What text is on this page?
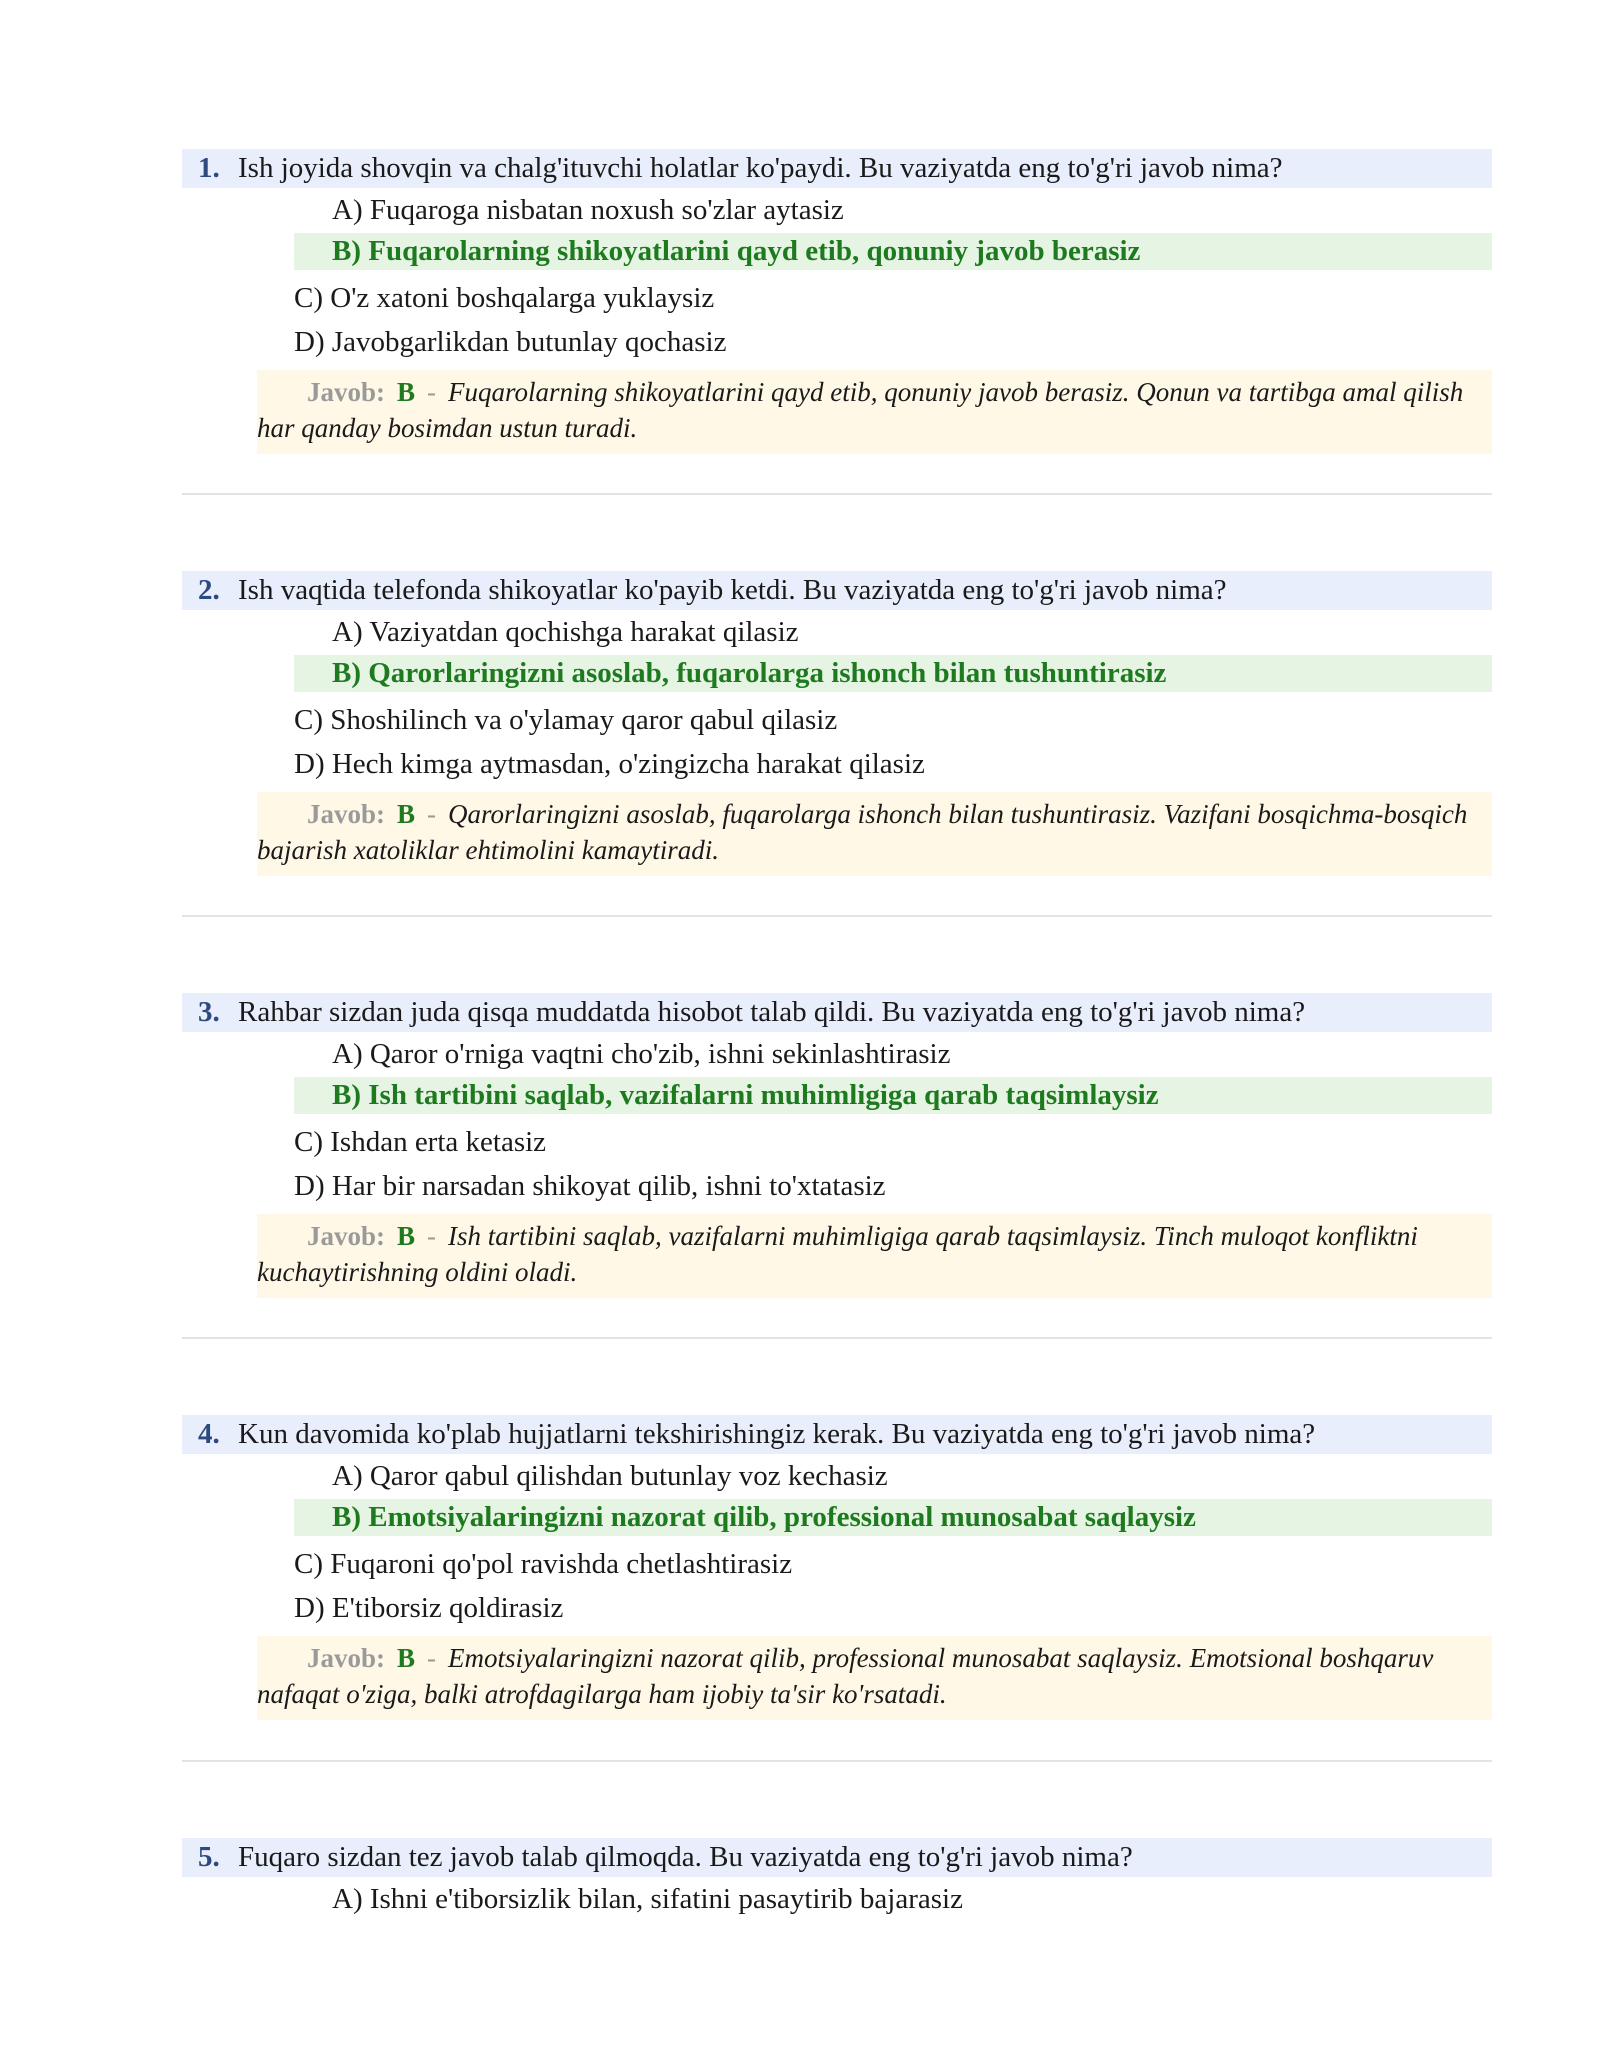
1. Ish joyida shovqin va chalg'ituvchi holatlar ko'paydi. Bu vaziyatda eng to'g'ri javob nima?
A) Fuqaroga nisbatan noxush so'zlar aytasiz
B) Fuqarolarning shikoyatlarini qayd etib, qonuniy javob berasiz
C) O'z xatoni boshqalarga yuklaysiz
D) Javobgarlikdan butunlay qochasiz
Javob: B - Fuqarolarning shikoyatlarini qayd etib, qonuniy javob berasiz. Qonun va tartibga amal qilish har qanday bosimdan ustun turadi.
2. Ish vaqtida telefonda shikoyatlar ko'payib ketdi. Bu vaziyatda eng to'g'ri javob nima?
A) Vaziyatdan qochishga harakat qilasiz
B) Qarorlaringizni asoslab, fuqarolarga ishonch bilan tushuntirasiz
C) Shoshilinch va o'ylamay qaror qabul qilasiz
D) Hech kimga aytmasdan, o'zingizcha harakat qilasiz
Javob: B - Qarorlaringizni asoslab, fuqarolarga ishonch bilan tushuntirasiz. Vazifani bosqichma-bosqich bajarish xatoliklar ehtimolini kamaytiradi.
3. Rahbar sizdan juda qisqa muddatda hisobot talab qildi. Bu vaziyatda eng to'g'ri javob nima?
A) Qaror o'rniga vaqtni cho'zib, ishni sekinlashtirasiz
B) Ish tartibini saqlab, vazifalarni muhimligiga qarab taqsimlaysiz
C) Ishdan erta ketasiz
D) Har bir narsadan shikoyat qilib, ishni to'xtatasiz
Javob: B - Ish tartibini saqlab, vazifalarni muhimligiga qarab taqsimlaysiz. Tinch muloqot konfliktni kuchaytirishning oldini oladi.
4. Kun davomida ko'plab hujjatlarni tekshirishingiz kerak. Bu vaziyatda eng to'g'ri javob nima?
A) Qaror qabul qilishdan butunlay voz kechasiz
B) Emotsiyalaringizni nazorat qilib, professional munosabat saqlaysiz
C) Fuqaroni qo'pol ravishda chetlashtirasiz
D) E'tiborsiz qoldirasiz
Javob: B - Emotsiyalaringizni nazorat qilib, professional munosabat saqlaysiz. Emotsional boshqaruv nafaqat o'ziga, balki atrofdagilarga ham ijobiy ta'sir ko'rsatadi.
5. Fuqaro sizdan tez javob talab qilmoqda. Bu vaziyatda eng to'g'ri javob nima?
A) Ishni e'tiborsizlik bilan, sifatini pasaytirib bajarasiz
